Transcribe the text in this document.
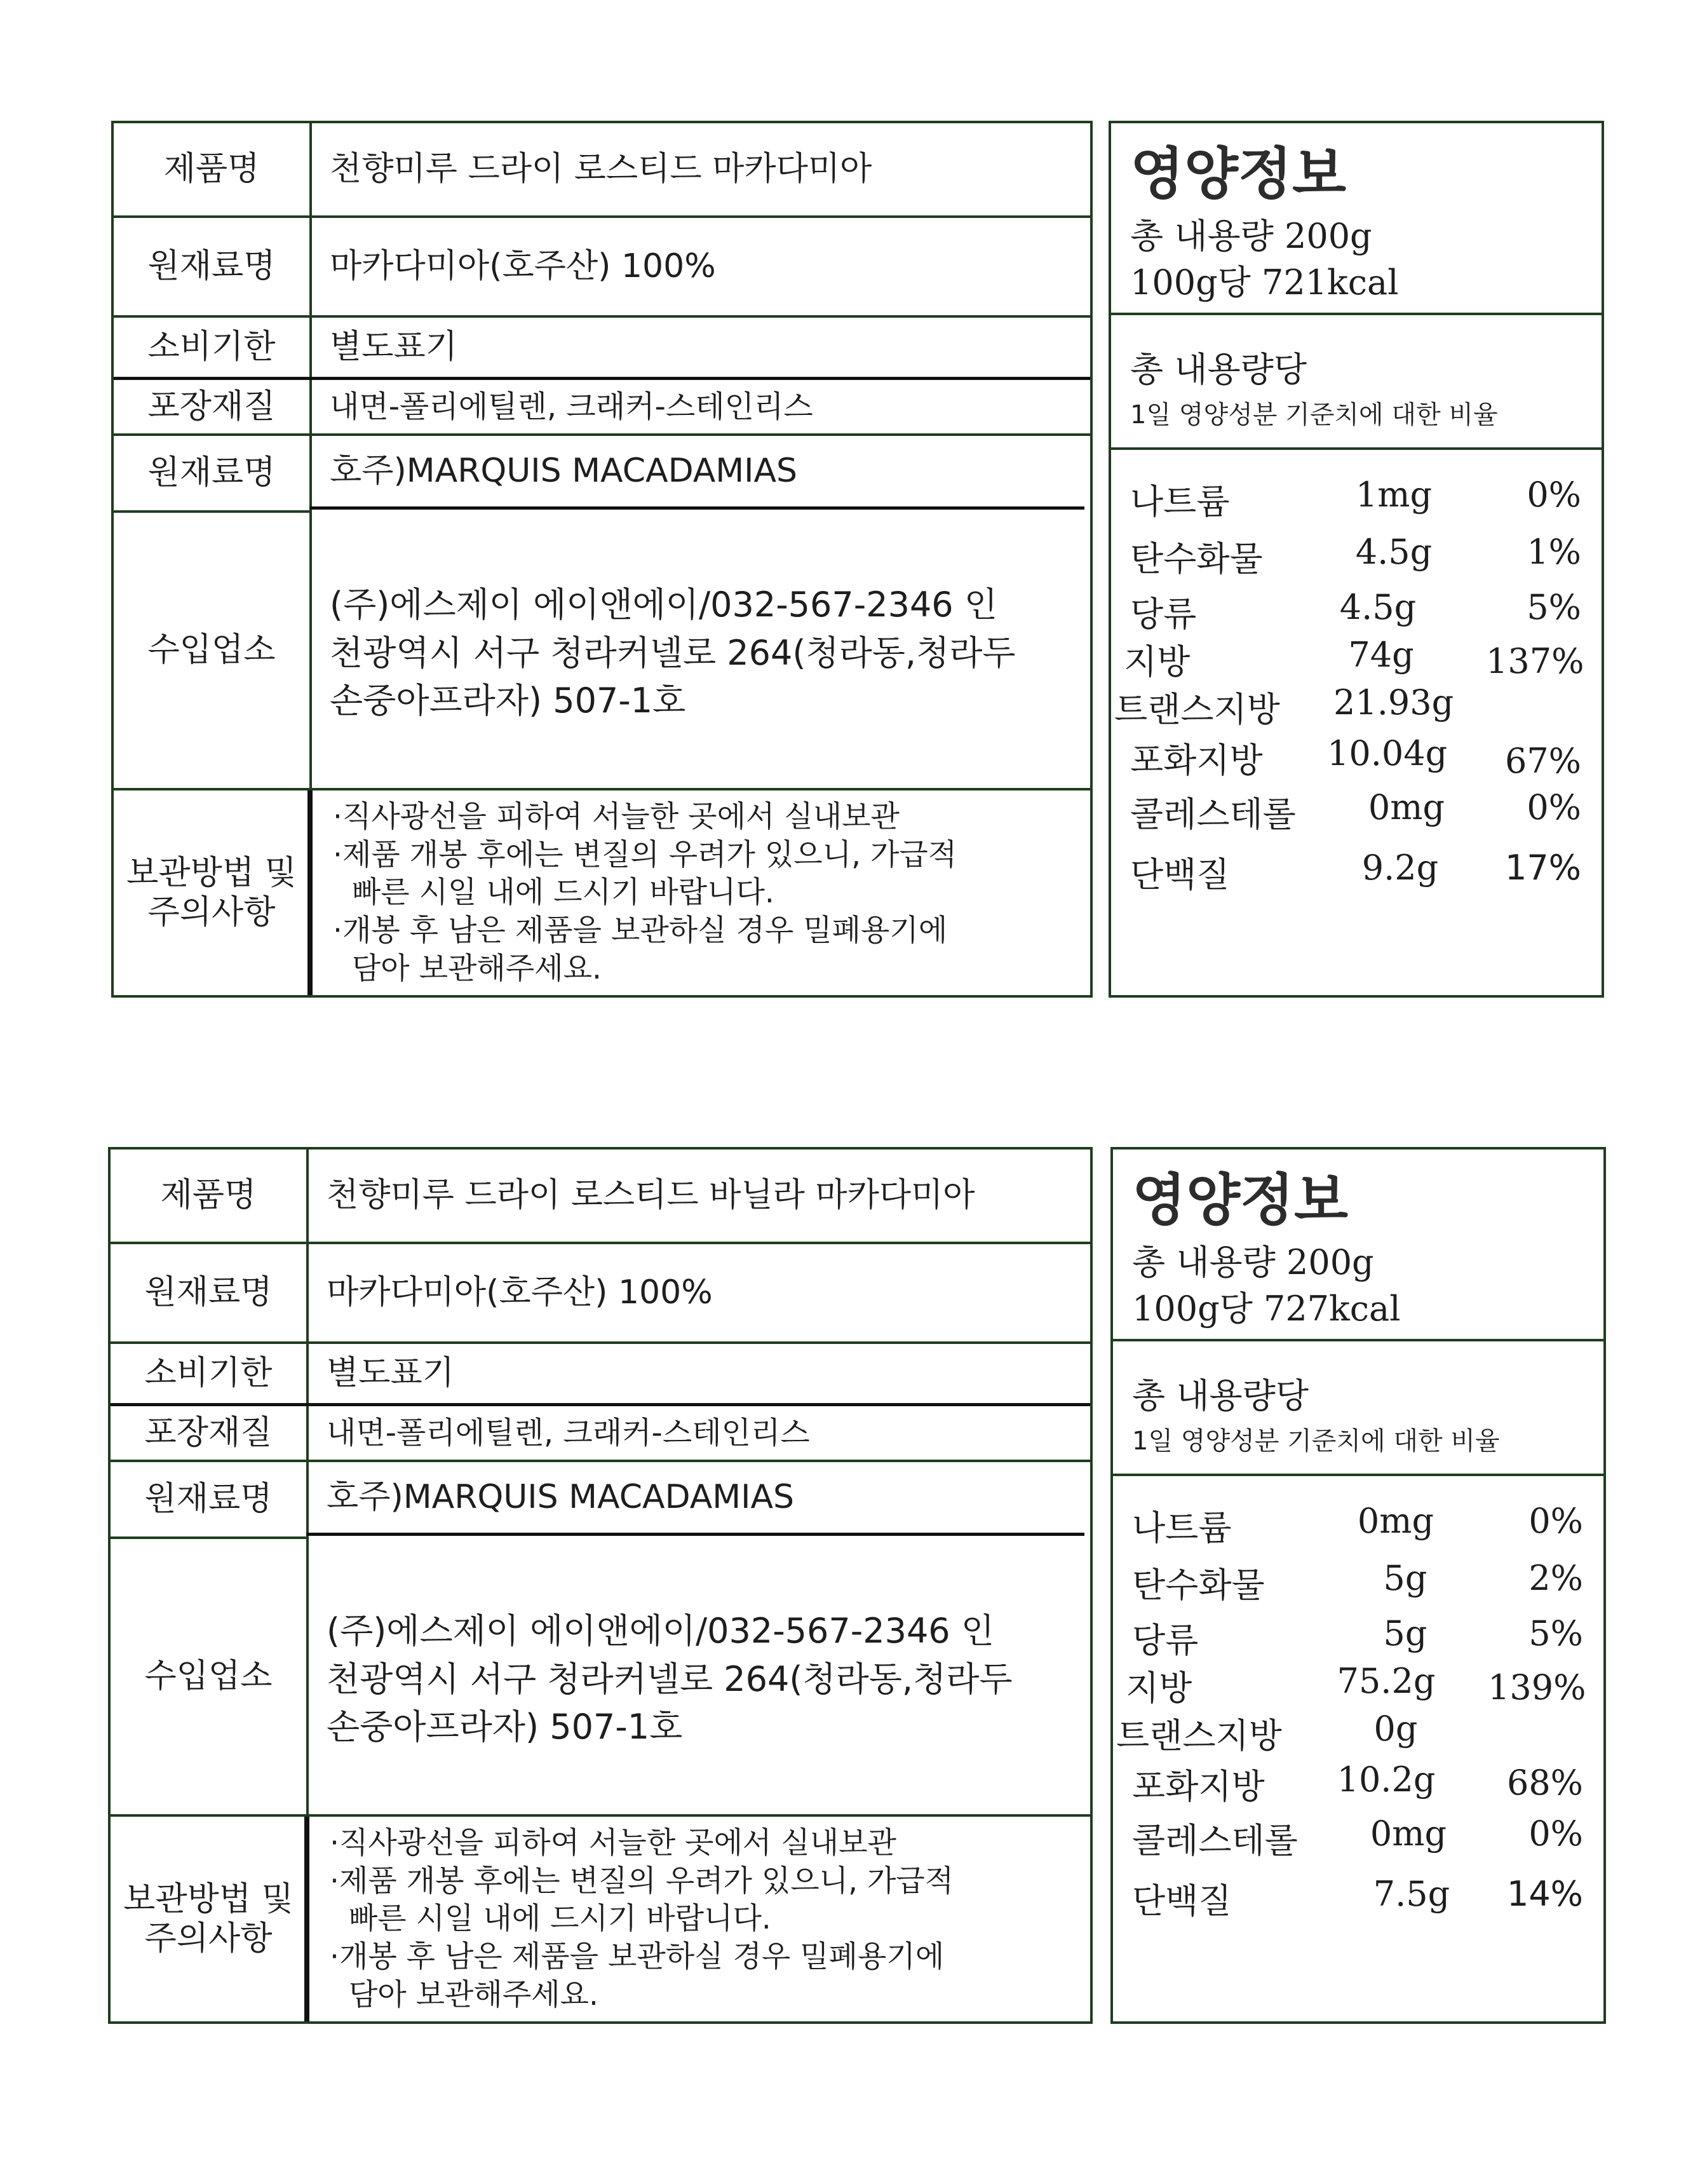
제품명	천향미루 드라이 로스티드 마카다미아
원재료명	마카다미아(호주산) 100%
소비기한	별도표기
포장재질	내면-폴리에틸렌, 크래커-스테인리스
원재료명	호주)MARQUIS MACADAMIAS
수입업소
(주)에스제이 에이앤에이/032-567-2346 인
천광역시 서구 청라커넬로 264(청라동,청라두
손중아프라자) 507-1호
보관방법 및
주의사항
·직사광선을 피하여 서늘한 곳에서 실내보관
·제품 개봉 후에는 변질의 우려가 있으니, 가급적
빠른 시일 내에 드시기 바랍니다.
·개봉 후 남은 제품을 보관하실 경우 밀폐용기에
담아 보관해주세요.
영양정보
총 내용량 200g
100g당 721kcal
총 내용량당
1일 영양성분 기준치에 대한 비율
나트륨	1mg	0%
탄수화물	4.5g	1%
당류	4.5g	5%
지방	74g	137%
트랜스지방 21.93g
포화지방 10.04g	67%
콜레스테롤	0mg	0%
단백질	9.2g	17%
제품명	천향미루 드라이 로스티드 바닐라 마카다미아
원재료명	마카다미아(호주산) 100%
소비기한	별도표기
포장재질	내면-폴리에틸렌, 크래커-스테인리스
원재료명	호주)MARQUIS MACADAMIAS
수입업소
(주)에스제이 에이앤에이/032-567-2346 인
천광역시 서구 청라커넬로 264(청라동,청라두
손중아프라자) 507-1호
보관방법 및
주의사항
·직사광선을 피하여 서늘한 곳에서 실내보관
·제품 개봉 후에는 변질의 우려가 있으니, 가급적
빠른 시일 내에 드시기 바랍니다.
·개봉 후 남은 제품을 보관하실 경우 밀폐용기에
담아 보관해주세요.
영양정보
총 내용량 200g
100g당 727kcal
총 내용량당
1일 영양성분 기준치에 대한 비율
나트륨	0mg	0%
탄수화물	5g	2%
당류	5g	5%
지방	75.2g 139%
트랜스지방	0g
포화지방 10.2g	68%
콜레스테롤	0mg	0%
단백질	7.5g	14%
